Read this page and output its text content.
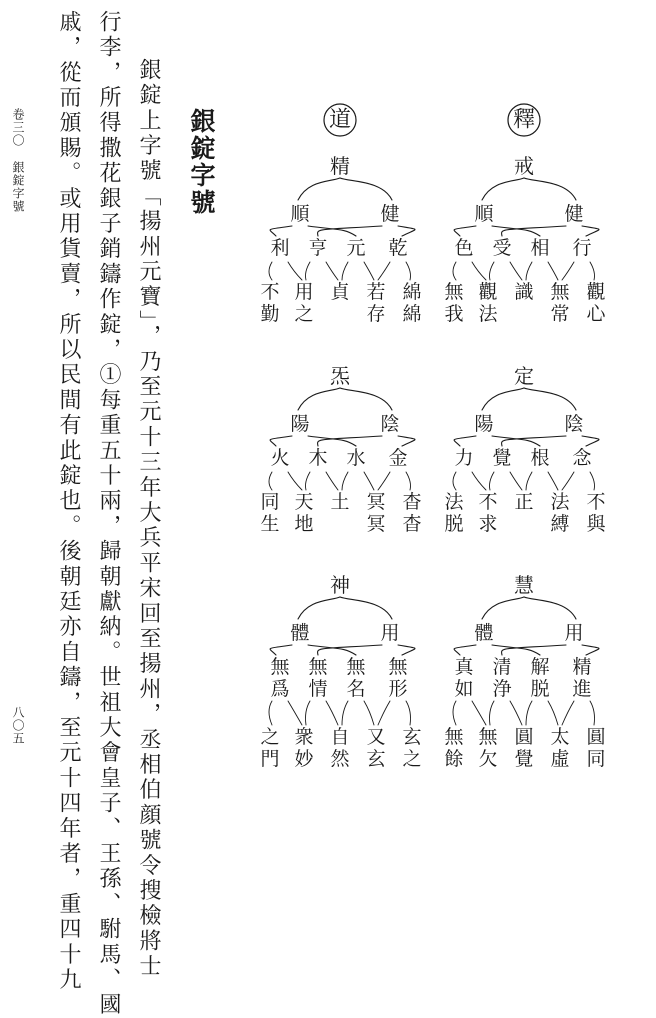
銀錠字號
銀錠上字號「揚州元寶」，乃至元十三年大兵平宋回至揚州，丞相伯顔號令搜檢將士
行李，所得撒花銀子銷鑄作錠，①每重五十兩，歸朝獻納。世祖大會皇子、王孫、駙馬、國
戚，從而頒賜。或用貨賣，所以民間有此錠也。後朝廷亦自鑄，至元十四年者，重四十九
卷三〇銀錠字號
八〇五
釋
戒
順	健
色 受 相 行
無
我
觀
法
識 無
常
觀
心
道
精
順	健
利 亨 元 乾
不
勤
用
之
貞 若
存
綿
綿
定
陽	陰
力 覺 根 念
法
脱
不
求
正 法
縛
不
與
炁
陽	陰
火 木 水 金
同
生
天
地
土 冥
冥
杳
杳
慧
體	用
真
如
清
浄
解
脱
精
進
無
餘
無
欠
圓
覺
太
虛
圓
同
神
體	用
無
爲
無
情
無
名
無
形
之
門
衆
妙
自
然
又
玄
玄
之
